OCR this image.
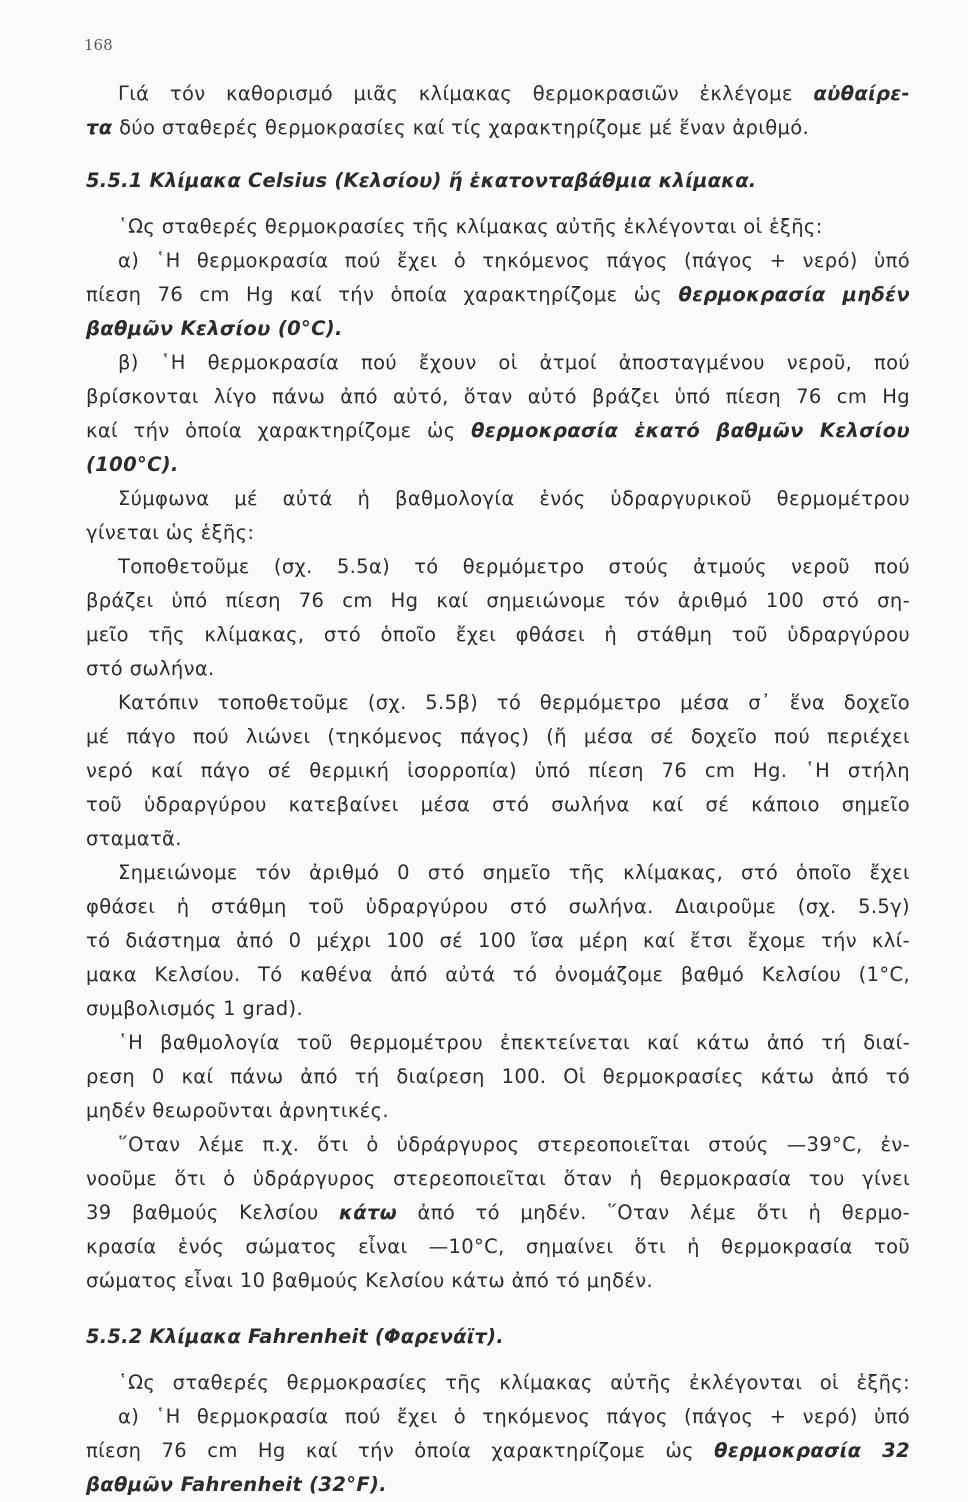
168
Γιά τόν καθορισμό μιᾶς κλίμακας θερμοκρασιῶν ἐκλέγομε αὐθαίρε-
τα δύο σταθερές θερμοκρασίες καί τίς χαρακτηρίζομε μέ ἕναν ἀριθμό.
5.5.1 Κλίμακα Celsius (Κελσίου) ἤ ἑκατονταβάθμια κλίμακα.
῾Ως σταθερές θερμοκρασίες τῆς κλίμακας αὐτῆς ἐκλέγονται οἱ ἑξῆς:
α) ῾Η θερμοκρασία πού ἔχει ὁ τηκόμενος πάγος (πάγος + νερό) ὑπό
πίεση 76 cm Hg καί τήν ὁποία χαρακτηρίζομε ὡς θερμοκρασία μηδέν
βαθμῶν Κελσίου (0°C).
β) ῾Η θερμοκρασία πού ἔχουν οἱ ἀτμοί ἀποσταγμένου νεροῦ, πού
βρίσκονται λίγο πάνω ἀπό αὐτό, ὅταν αὐτό βράζει ὑπό πίεση 76 cm Hg
καί τήν ὁποία χαρακτηρίζομε ὡς θερμοκρασία ἑκατό βαθμῶν Κελσίου
(100°C).
Σύμφωνα μέ αὐτά ἡ βαθμολογία ἑνός ὑδραργυρικοῦ θερμομέτρου
γίνεται ὡς ἑξῆς:
Τοποθετοῦμε (σχ. 5.5α) τό θερμόμετρο στούς ἀτμούς νεροῦ πού
βράζει ὑπό πίεση 76 cm Hg καί σημειώνομε τόν ἀριθμό 100 στό ση-
μεῖο τῆς κλίμακας, στό ὁποῖο ἔχει φθάσει ἡ στάθμη τοῦ ὑδραργύρου
στό σωλήνα.
Κατόπιν τοποθετοῦμε (σχ. 5.5β) τό θερμόμετρο μέσα σ᾽ ἕνα δοχεῖο
μέ πάγο πού λιώνει (τηκόμενος πάγος) (ἤ μέσα σέ δοχεῖο πού περιέχει
νερό καί πάγο σέ θερμική ἰσορροπία) ὑπό πίεση 76 cm Hg. ῾Η στήλη
τοῦ ὑδραργύρου κατεβαίνει μέσα στό σωλήνα καί σέ κάποιο σημεῖο
σταματᾶ.
Σημειώνομε τόν ἀριθμό 0 στό σημεῖο τῆς κλίμακας, στό ὁποῖο ἔχει
φθάσει ἡ στάθμη τοῦ ὑδραργύρου στό σωλήνα. Διαιροῦμε (σχ. 5.5γ)
τό διάστημα ἀπό 0 μέχρι 100 σέ 100 ἴσα μέρη καί ἔτσι ἔχομε τήν κλί-
μακα Κελσίου. Τό καθένα ἀπό αὐτά τό ὀνομάζομε βαθμό Κελσίου (1°C,
συμβολισμός 1 grad).
῾Η βαθμολογία τοῦ θερμομέτρου ἐπεκτείνεται καί κάτω ἀπό τή διαί-
ρεση 0 καί πάνω ἀπό τή διαίρεση 100. Οἱ θερμοκρασίες κάτω ἀπό τό
μηδέν θεωροῦνται ἀρνητικές.
῞Οταν λέμε π.χ. ὅτι ὁ ὑδράργυρος στερεοποιεῖται στούς —39°C, ἐν-
νοοῦμε ὅτι ὁ ὑδράργυρος στερεοποιεῖται ὅταν ἡ θερμοκρασία του γίνει
39 βαθμούς Κελσίου κάτω ἀπό τό μηδέν. ῞Οταν λέμε ὅτι ἡ θερμο-
κρασία ἑνός σώματος εἶναι —10°C, σημαίνει ὅτι ἡ θερμοκρασία τοῦ
σώματος εἶναι 10 βαθμούς Κελσίου κάτω ἀπό τό μηδέν.
5.5.2 Κλίμακα Fahrenheit (Φαρενάϊτ).
῾Ως σταθερές θερμοκρασίες τῆς κλίμακας αὐτῆς ἐκλέγονται οἱ ἑξῆς:
α) ῾Η θερμοκρασία πού ἔχει ὁ τηκόμενος πάγος (πάγος + νερό) ὑπό
πίεση 76 cm Hg καί τήν ὁποία χαρακτηρίζομε ὡς θερμοκρασία 32
βαθμῶν Fahrenheit (32°F).
